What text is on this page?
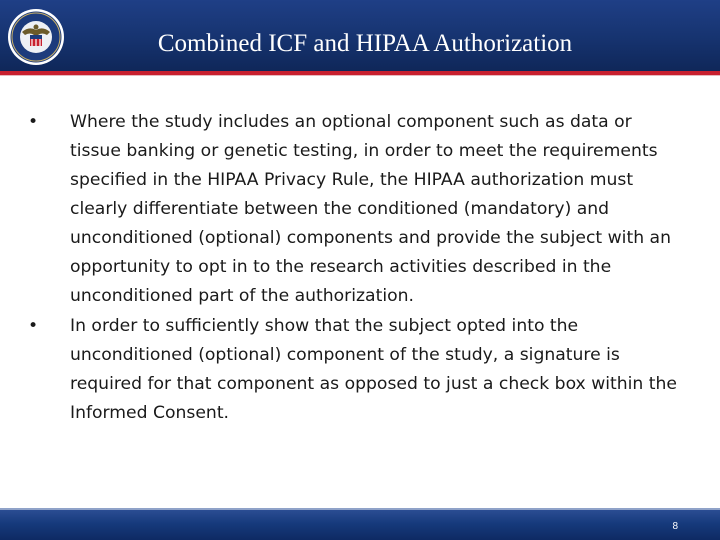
Combined ICF and HIPAA Authorization
•	Where the study includes an optional component such as data or tissue banking or genetic testing, in order to meet the requirements specified in the HIPAA Privacy Rule, the HIPAA authorization must clearly differentiate between the conditioned (mandatory) and unconditioned (optional) components and provide the subject with an opportunity to opt in to the research activities described in the unconditioned part of the authorization.
•	In order to sufficiently show that the subject opted into the unconditioned (optional) component of the study, a signature is required for that component as opposed to just a check box within the Informed Consent.
8
